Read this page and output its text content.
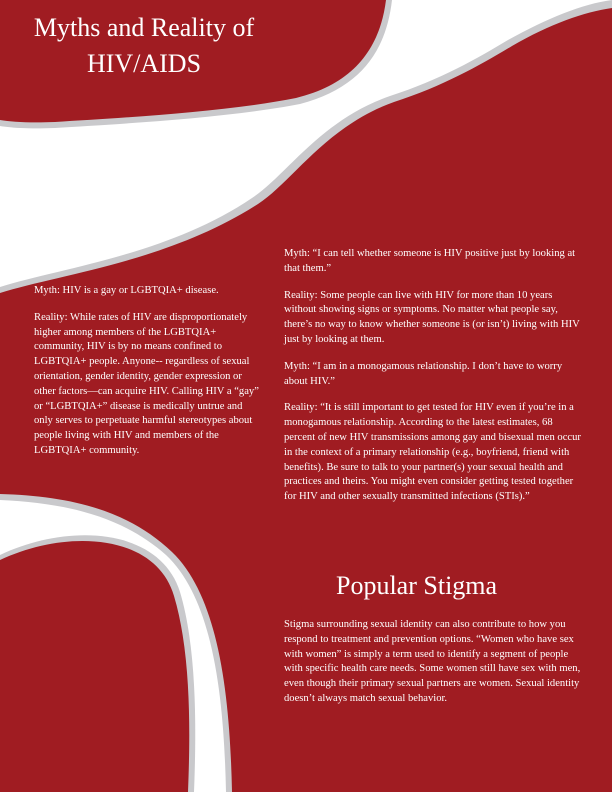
Myths and Reality of
HIV/AIDS

Myth: HIV is a gay or LGBTQIA+ disease.

Reality: While rates of HIV are disproportionately higher among members of the LGBTQIA+ community, HIV is by no means confined to LGBTQIA+ people. Anyone-- regardless of sexual orientation, gender identity, gender expression or other factors—can acquire HIV. Calling HIV a “gay” or “LGBTQIA+” disease is medically untrue and only serves to perpetuate harmful stereotypes about people living with HIV and members of the LGBTQIA+ community.

Myth: “I can tell whether someone is HIV positive just by looking at that them.”

Reality: Some people can live with HIV for more than 10 years without showing signs or symptoms. No matter what people say, there’s no way to know whether someone is (or isn’t) living with HIV just by looking at them.

Myth: “I am in a monogamous relationship. I don’t have to worry about HIV.”

Reality: “It is still important to get tested for HIV even if you’re in a monogamous relationship. According to the latest estimates, 68 percent of new HIV transmissions among gay and bisexual men occur in the context of a primary relationship (e.g., boyfriend, friend with benefits). Be sure to talk to your partner(s) your sexual health and practices and theirs. You might even consider getting tested together for HIV and other sexually transmitted infections (STIs).”

Popular Stigma

Stigma surrounding sexual identity can also contribute to how you respond to treatment and prevention options. “Women who have sex with women” is simply a term used to identify a segment of people with specific health care needs. Some women still have sex with men, even though their primary sexual partners are women. Sexual identity doesn’t always match sexual behavior.
